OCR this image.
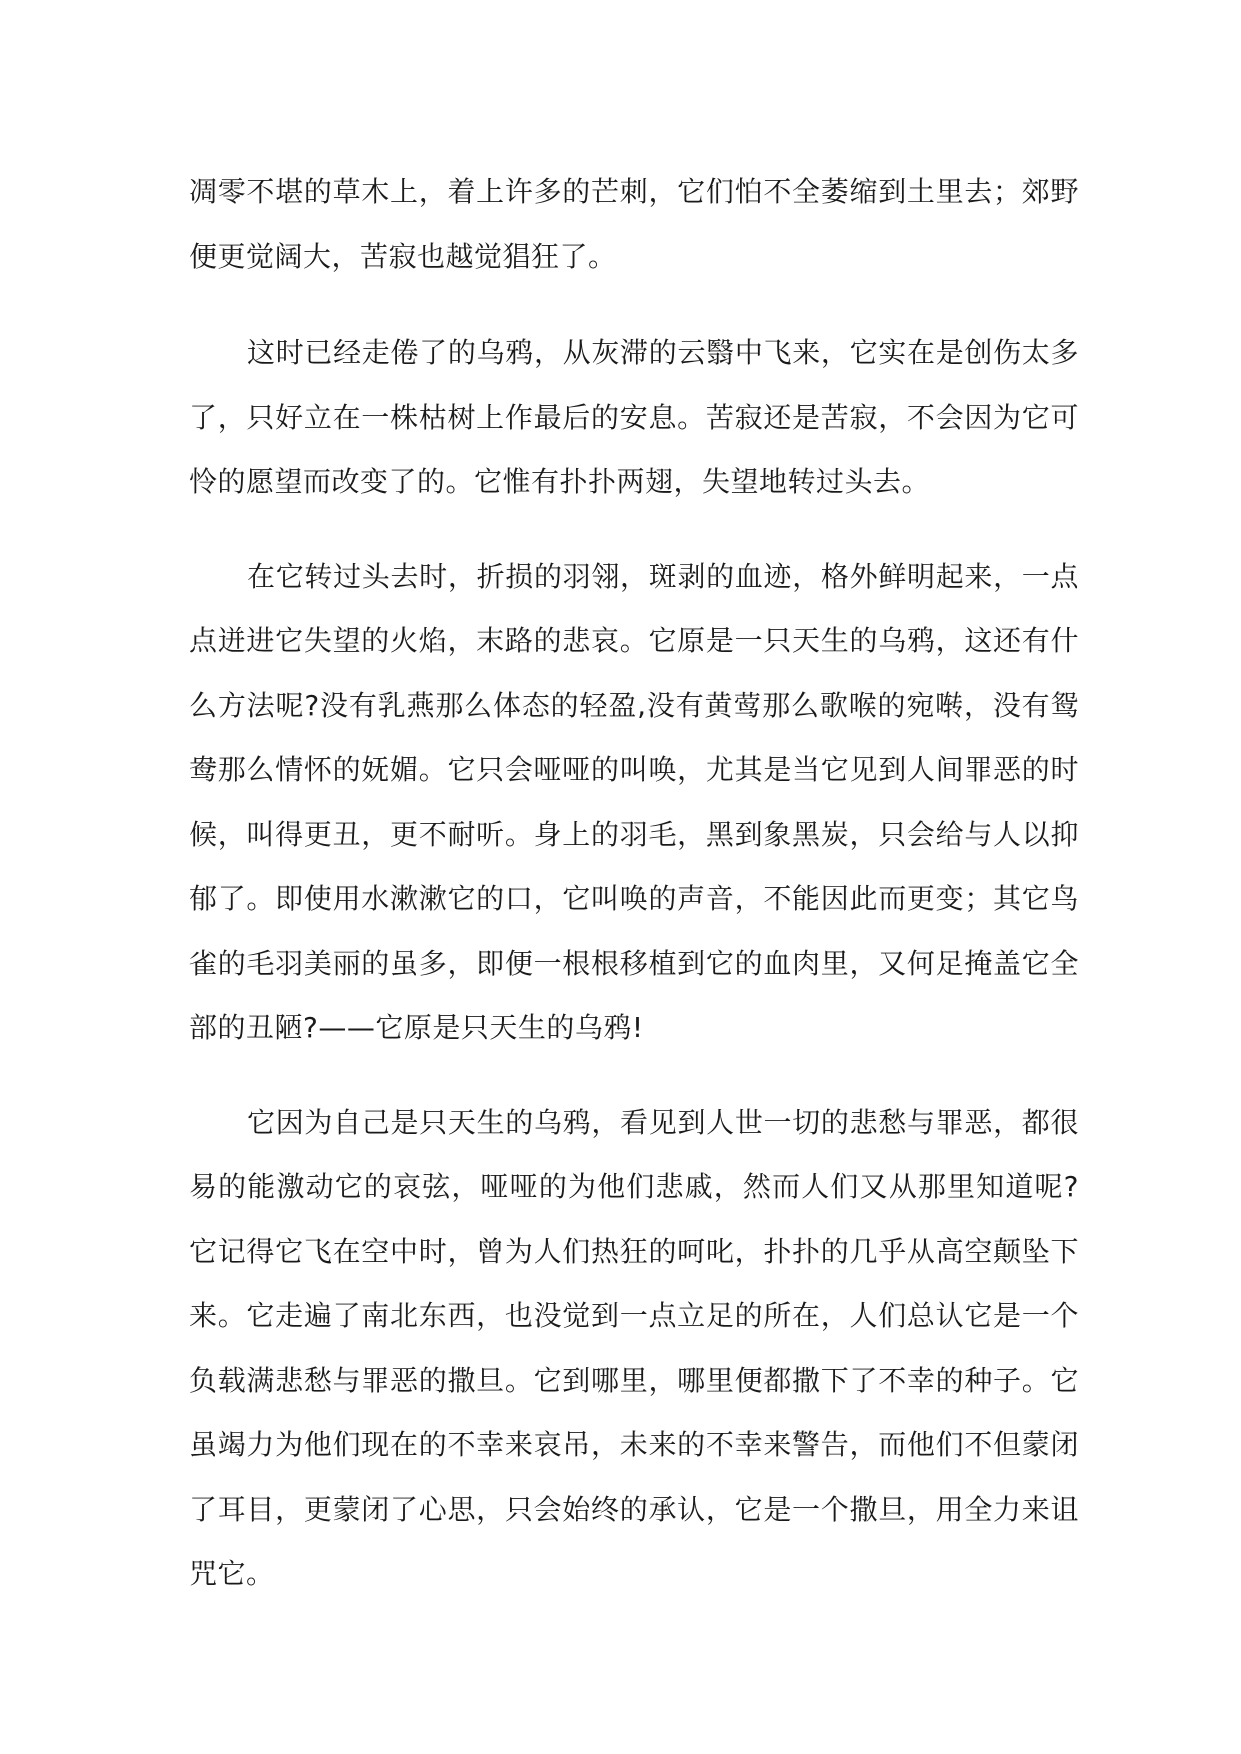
凋零不堪的草木上，着上许多的芒刺，它们怕不全萎缩到土里去；郊野便更觉阔大，苦寂也越觉猖狂了。

这时已经走倦了的乌鸦，从灰滞的云翳中飞来，它实在是创伤太多了，只好立在一株枯树上作最后的安息。苦寂还是苦寂，不会因为它可怜的愿望而改变了的。它惟有扑扑两翅，失望地转过头去。

在它转过头去时，折损的羽翎，斑剥的血迹，格外鲜明起来，一点点迸进它失望的火焰，末路的悲哀。它原是一只天生的乌鸦，这还有什么方法呢?没有乳燕那么体态的轻盈,没有黄莺那么歌喉的宛啭，没有鸳鸯那么情怀的妩媚。它只会哑哑的叫唤，尤其是当它见到人间罪恶的时候，叫得更丑，更不耐听。身上的羽毛，黑到象黑炭，只会给与人以抑郁了。即使用水漱漱它的口，它叫唤的声音，不能因此而更变；其它鸟雀的毛羽美丽的虽多，即便一根根移植到它的血肉里，又何足掩盖它全部的丑陋?——它原是只天生的乌鸦!

它因为自己是只天生的乌鸦，看见到人世一切的悲愁与罪恶，都很易的能激动它的哀弦，哑哑的为他们悲戚，然而人们又从那里知道呢?它记得它飞在空中时，曾为人们热狂的呵叱，扑扑的几乎从高空颠坠下来。它走遍了南北东西，也没觉到一点立足的所在，人们总认它是一个负载满悲愁与罪恶的撒旦。它到哪里，哪里便都撒下了不幸的种子。它虽竭力为他们现在的不幸来哀吊，未来的不幸来警告，而他们不但蒙闭了耳目，更蒙闭了心思，只会始终的承认，它是一个撒旦，用全力来诅咒它。
